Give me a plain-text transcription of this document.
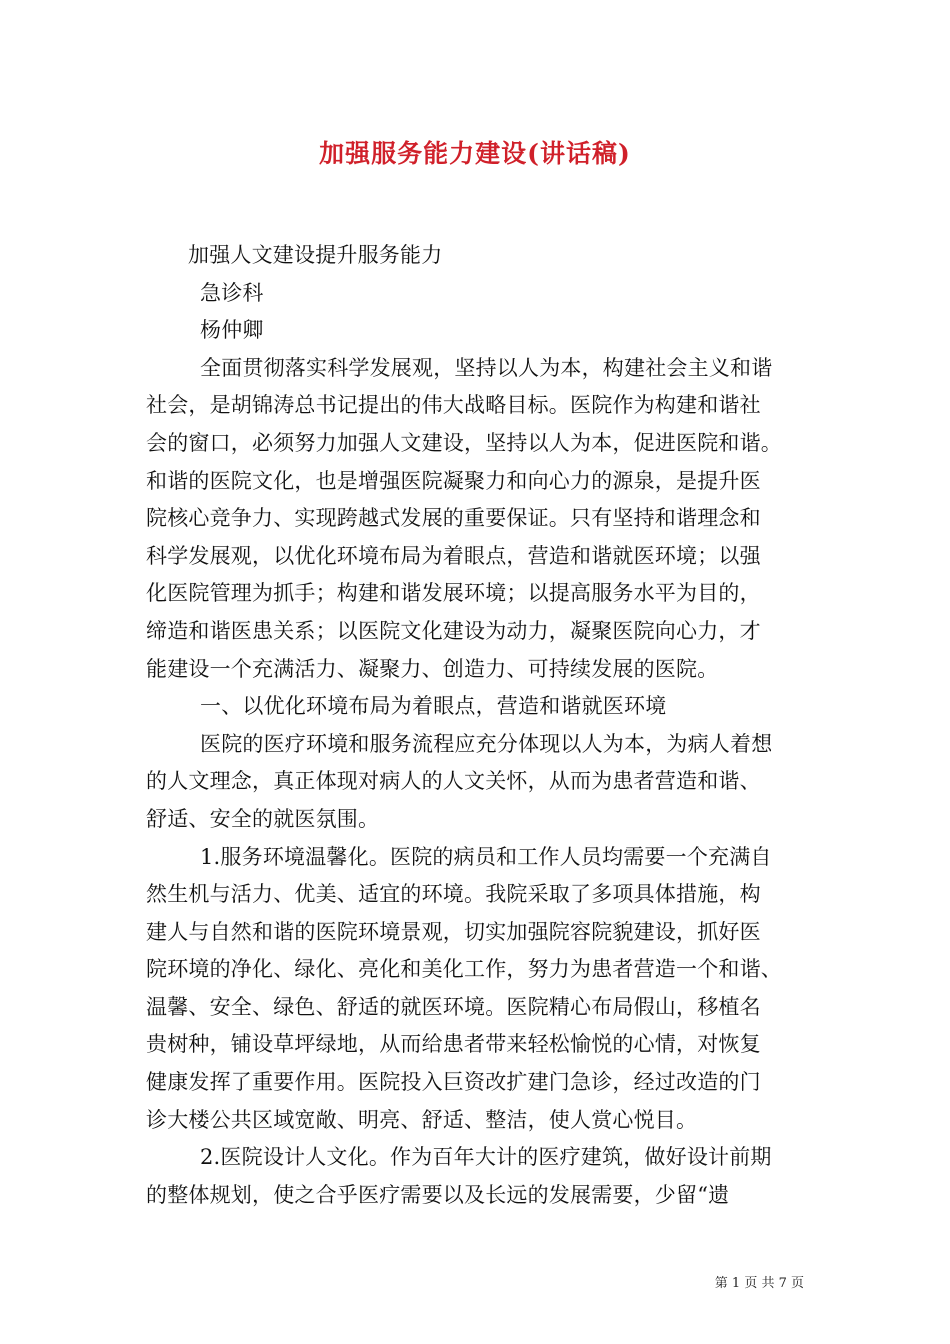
加强服务能力建设(讲话稿)

加强人文建设提升服务能力

急诊科

杨仲卿

全面贯彻落实科学发展观，坚持以人为本，构建社会主义和谐

社会，是胡锦涛总书记提出的伟大战略目标。医院作为构建和谐社

会的窗口，必须努力加强人文建设，坚持以人为本，促进医院和谐。

和谐的医院文化，也是增强医院凝聚力和向心力的源泉，是提升医

院核心竞争力、实现跨越式发展的重要保证。只有坚持和谐理念和

科学发展观，以优化环境布局为着眼点，营造和谐就医环境；以强

化医院管理为抓手；构建和谐发展环境；以提高服务水平为目的，

缔造和谐医患关系；以医院文化建设为动力，凝聚医院向心力，才

能建设一个充满活力、凝聚力、创造力、可持续发展的医院。

一、以优化环境布局为着眼点，营造和谐就医环境

医院的医疗环境和服务流程应充分体现以人为本，为病人着想

的人文理念，真正体现对病人的人文关怀，从而为患者营造和谐、

舒适、安全的就医氛围。

1.服务环境温馨化。医院的病员和工作人员均需要一个充满自

然生机与活力、优美、适宜的环境。我院采取了多项具体措施，构

建人与自然和谐的医院环境景观，切实加强院容院貌建设，抓好医

院环境的净化、绿化、亮化和美化工作，努力为患者营造一个和谐、

温馨、安全、绿色、舒适的就医环境。医院精心布局假山，移植名

贵树种，铺设草坪绿地，从而给患者带来轻松愉悦的心情，对恢复

健康发挥了重要作用。医院投入巨资改扩建门急诊，经过改造的门

诊大楼公共区域宽敞、明亮、舒适、整洁，使人赏心悦目。

2.医院设计人文化。作为百年大计的医疗建筑，做好设计前期

的整体规划，使之合乎医疗需要以及长远的发展需要，少留“遗

第 1 页 共 7 页
